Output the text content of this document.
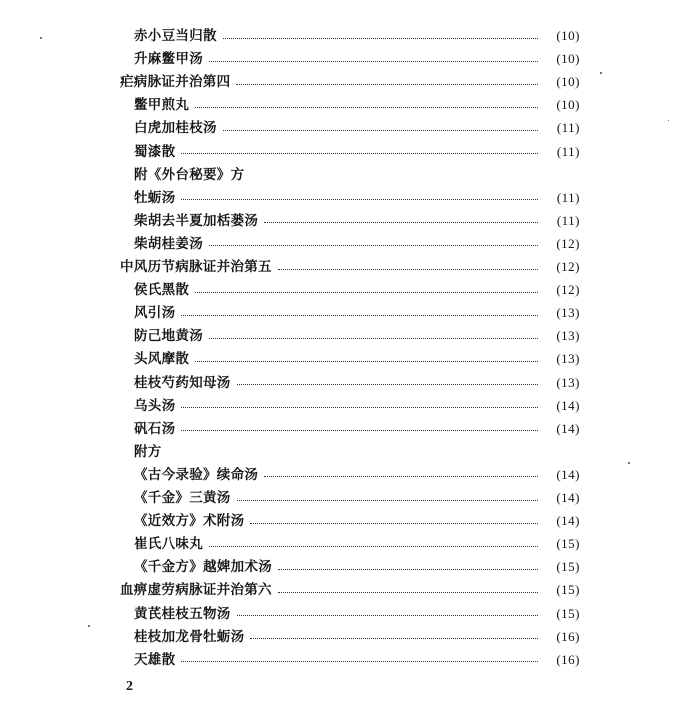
赤小豆当归散	(10)
升麻鳖甲汤	(10)
疟病脉证并治第四	(10)
鳖甲煎丸	(10)
白虎加桂枝汤	(11)
蜀漆散	(11)
附《外台秘要》方
牡蛎汤	(11)
柴胡去半夏加栝蒌汤	(11)
柴胡桂姜汤	(12)
中风历节病脉证并治第五	(12)
侯氏黑散	(12)
风引汤	(13)
防己地黄汤	(13)
头风摩散	(13)
桂枝芍药知母汤	(13)
乌头汤	(14)
矾石汤	(14)
附方
《古今录验》续命汤	(14)
《千金》三黄汤	(14)
《近效方》术附汤	(14)
崔氏八味丸	(15)
《千金方》越婢加术汤	(15)
血痹虚劳病脉证并治第六	(15)
黄芪桂枝五物汤	(15)
桂枝加龙骨牡蛎汤	(16)
天雄散	(16)
2
